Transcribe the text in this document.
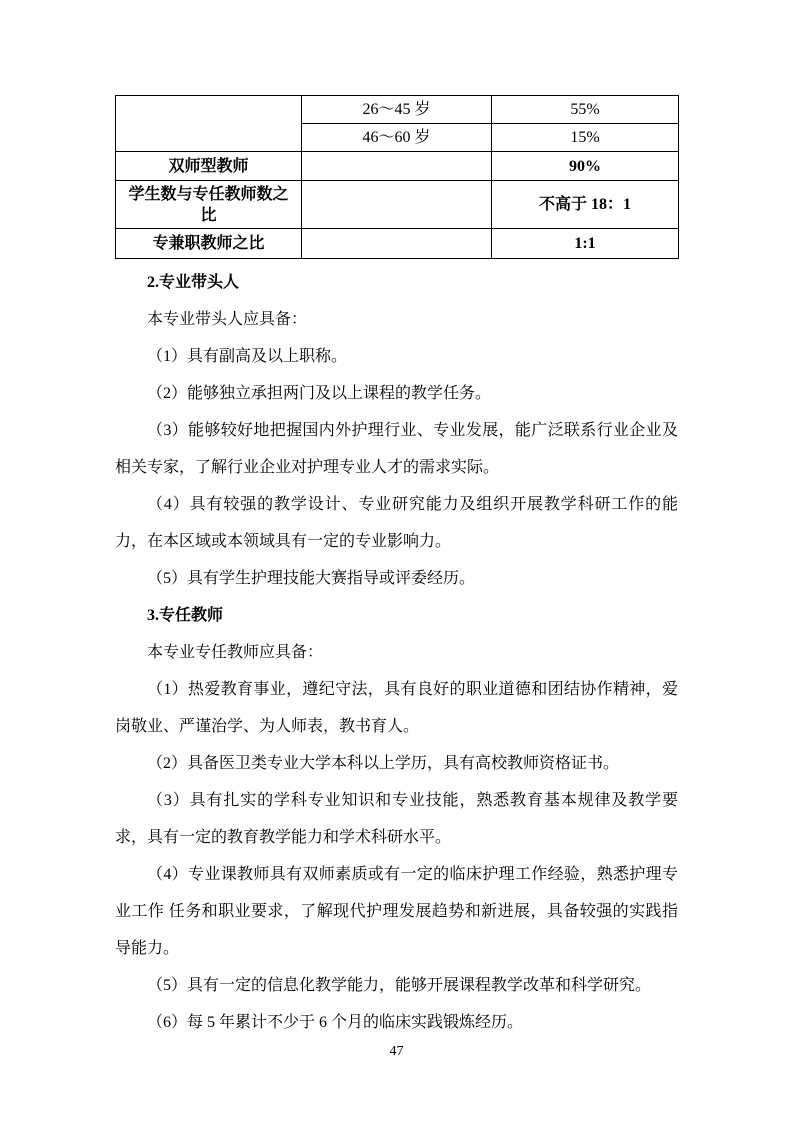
	26～45 岁	55%
	46～60 岁	15%
双师型教师		90%
学生数与专任教师数之比		不高于 18：1
专兼职教师之比		1:1

2.专业带头人

本专业带头人应具备：

（1）具有副高及以上职称。

（2）能够独立承担两门及以上课程的教学任务。

（3）能够较好地把握国内外护理行业、专业发展，能广泛联系行业企业及相关专家，了解行业企业对护理专业人才的需求实际。

（4）具有较强的教学设计、专业研究能力及组织开展教学科研工作的能力，在本区域或本领域具有一定的专业影响力。

（5）具有学生护理技能大赛指导或评委经历。

3.专任教师

本专业专任教师应具备：

（1）热爱教育事业，遵纪守法，具有良好的职业道德和团结协作精神，爱岗敬业、严谨治学、为人师表，教书育人。

（2）具备医卫类专业大学本科以上学历，具有高校教师资格证书。

（3）具有扎实的学科专业知识和专业技能，熟悉教育基本规律及教学要求，具有一定的教育教学能力和学术科研水平。

（4）专业课教师具有双师素质或有一定的临床护理工作经验，熟悉护理专业工作 任务和职业要求，了解现代护理发展趋势和新进展，具备较强的实践指导能力。

（5）具有一定的信息化教学能力，能够开展课程教学改革和科学研究。

（6）每 5 年累计不少于 6 个月的临床实践锻炼经历。

47
